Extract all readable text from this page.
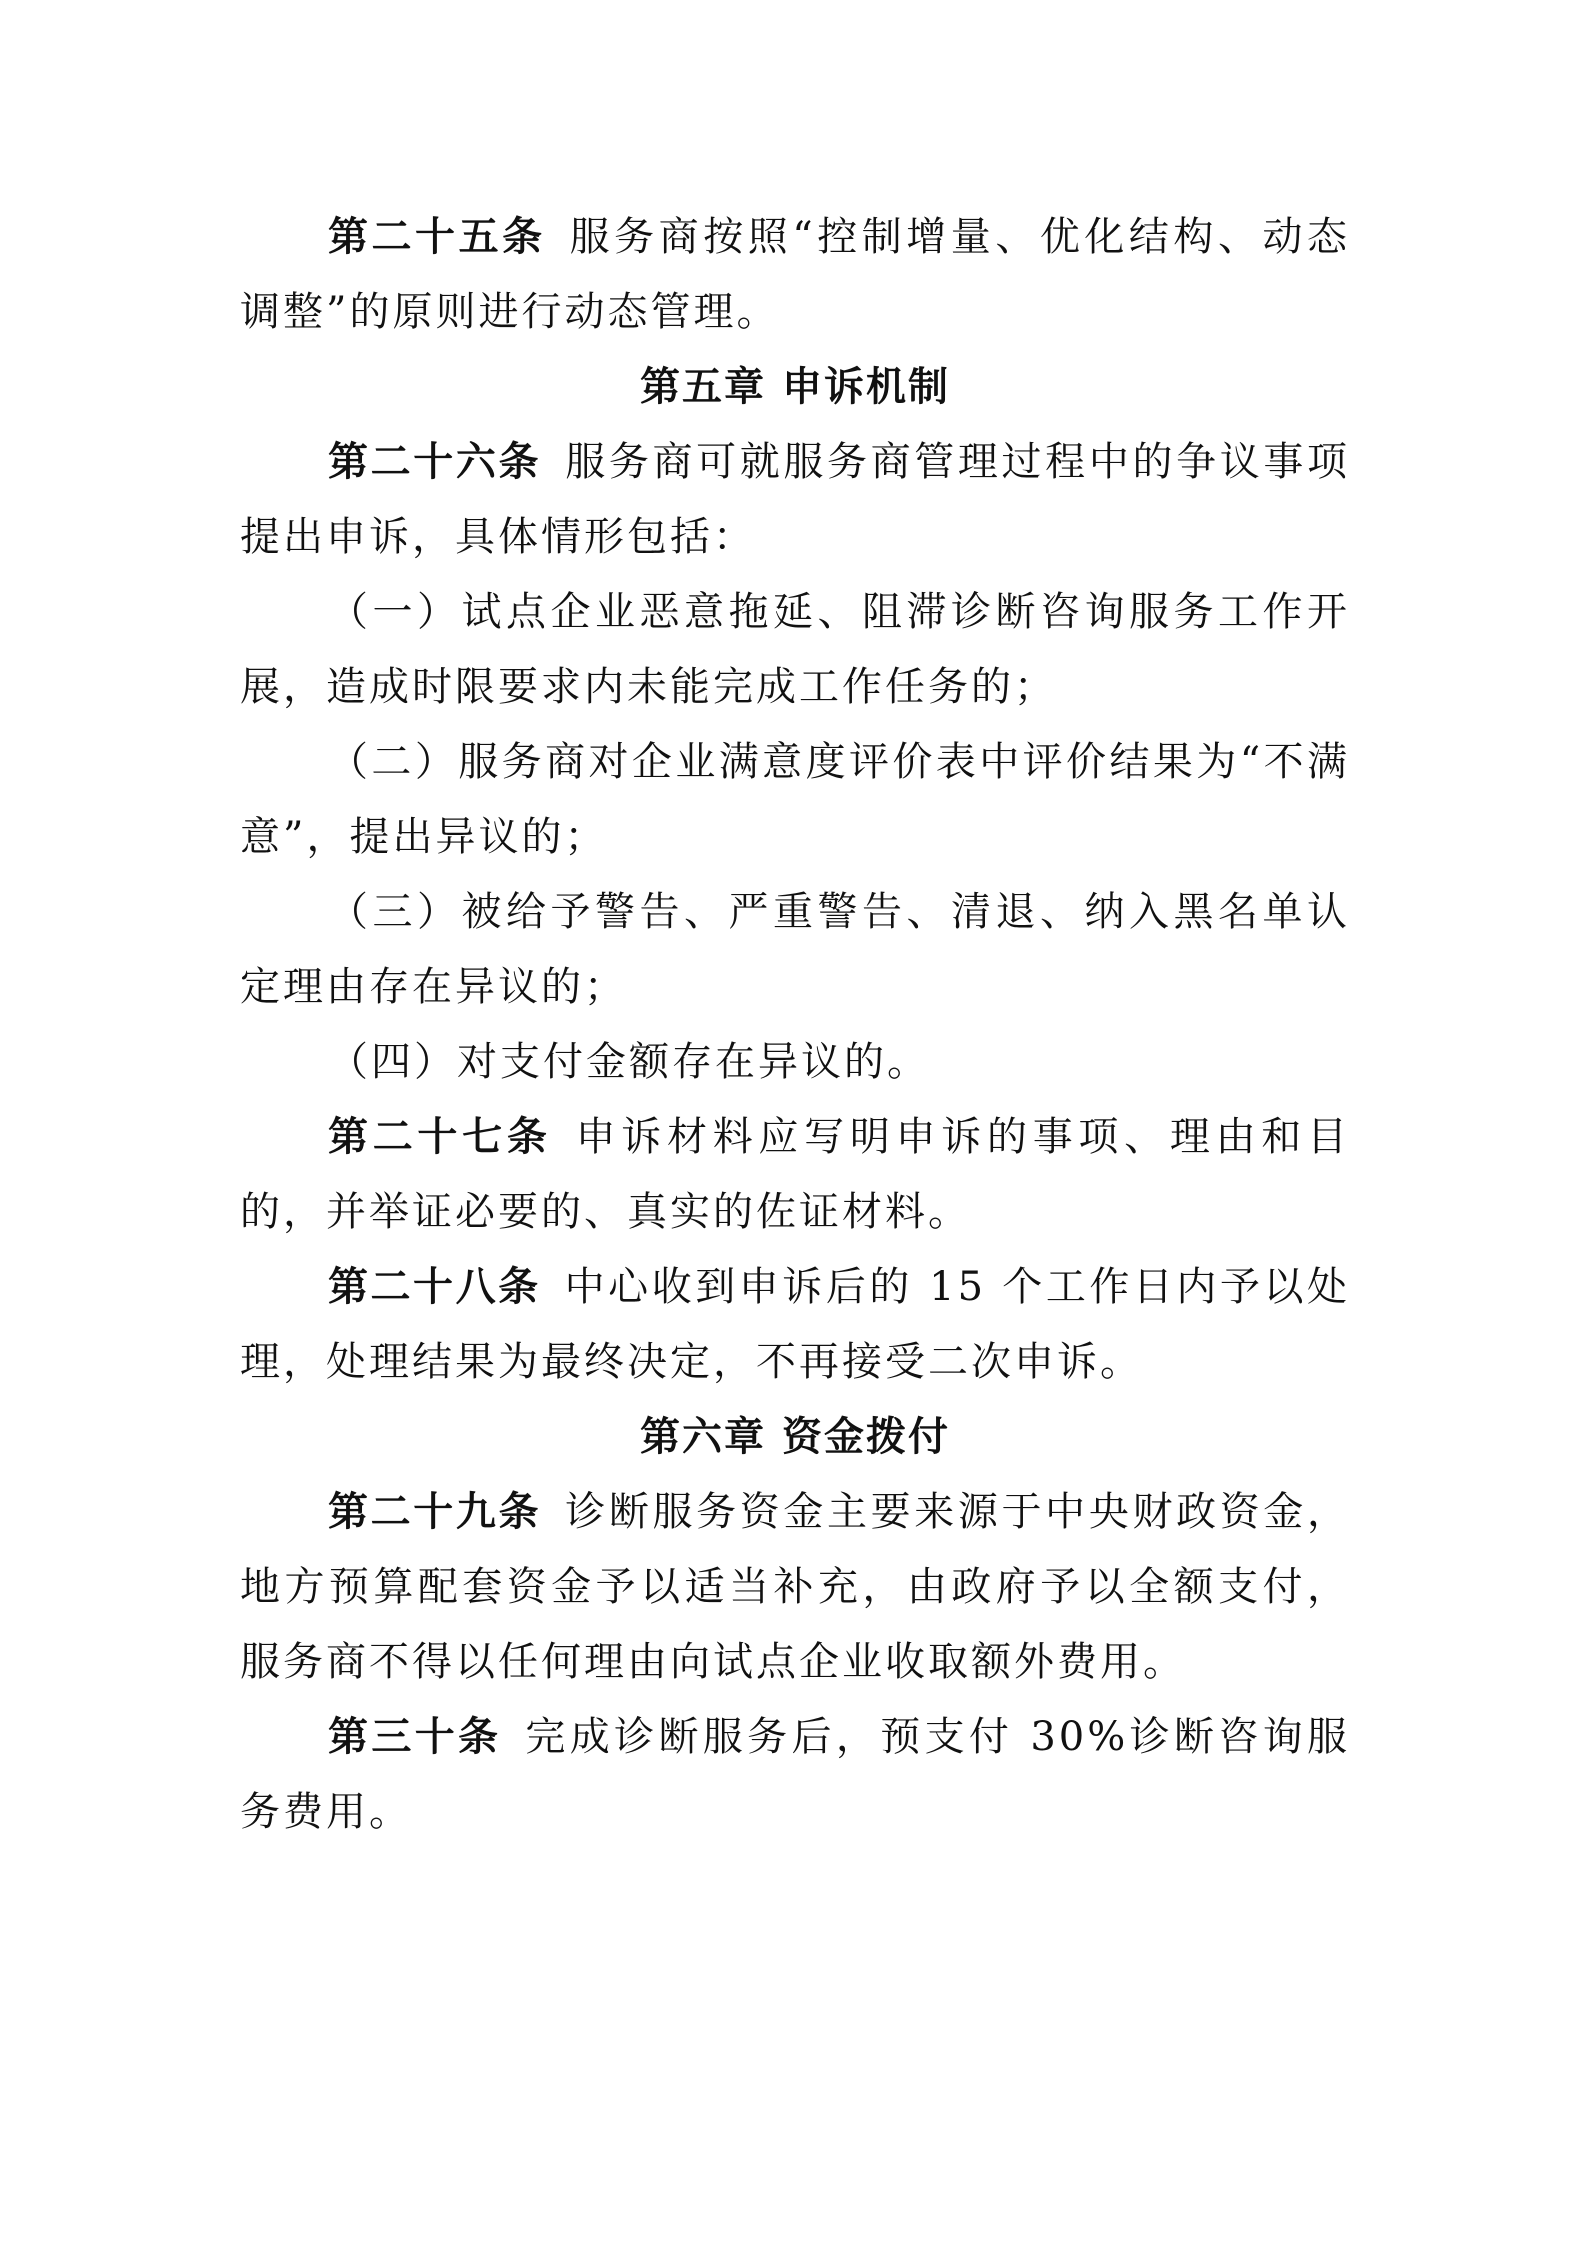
第二十五条 服务商按照“控制增量、优化结构、动态调整”的原则进行动态管理。

第五章 申诉机制

第二十六条 服务商可就服务商管理过程中的争议事项提出申诉，具体情形包括：

（一）试点企业恶意拖延、阻滞诊断咨询服务工作开展，造成时限要求内未能完成工作任务的；

（二）服务商对企业满意度评价表中评价结果为“不满意”，提出异议的；

（三）被给予警告、严重警告、清退、纳入黑名单认定理由存在异议的；

（四）对支付金额存在异议的。

第二十七条 申诉材料应写明申诉的事项、理由和目的，并举证必要的、真实的佐证材料。

第二十八条 中心收到申诉后的 15 个工作日内予以处理，处理结果为最终决定，不再接受二次申诉。

第六章 资金拨付

第二十九条 诊断服务资金主要来源于中央财政资金，地方预算配套资金予以适当补充，由政府予以全额支付，服务商不得以任何理由向试点企业收取额外费用。

第三十条 完成诊断服务后，预支付 30%诊断咨询服务费用。
